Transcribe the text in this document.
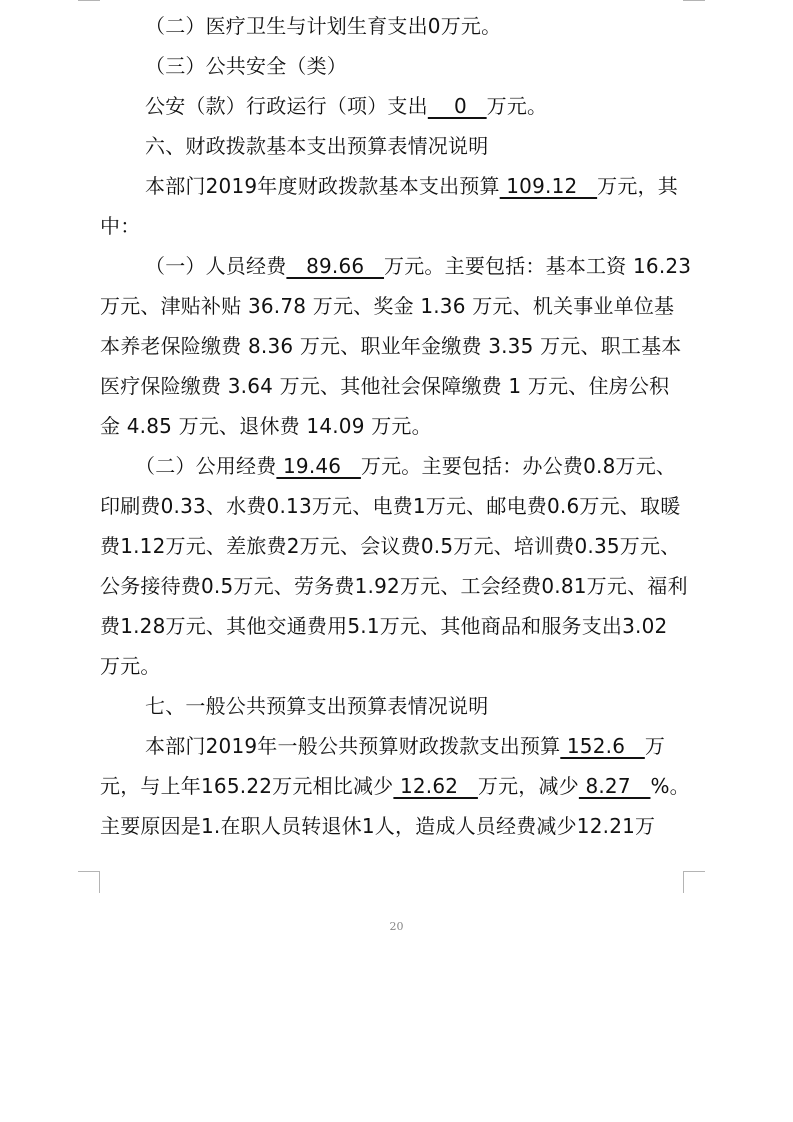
（二）医疗卫生与计划生育支出0万元。
（三）公共安全（类）
公安（款）行政运行（项）支出    0   万元。
六、财政拨款基本支出预算表情况说明
本部门2019年度财政拨款基本支出预算 109.12   万元，其
中：
（一）人员经费   89.66   万元。主要包括：基本工资 16.23
万元、津贴补贴 36.78 万元、奖金 1.36 万元、机关事业单位基
本养老保险缴费 8.36 万元、职业年金缴费 3.35 万元、职工基本
医疗保险缴费 3.64 万元、其他社会保障缴费 1 万元、住房公积
金 4.85 万元、退休费 14.09 万元。
（二）公用经费 19.46   万元。主要包括：办公费0.8万元、
印刷费0.33、水费0.13万元、电费1万元、邮电费0.6万元、取暖
费1.12万元、差旅费2万元、会议费0.5万元、培训费0.35万元、
公务接待费0.5万元、劳务费1.92万元、工会经费0.81万元、福利
费1.28万元、其他交通费用5.1万元、其他商品和服务支出3.02
万元。
七、一般公共预算支出预算表情况说明
本部门2019年一般公共预算财政拨款支出预算 152.6   万
元，与上年165.22万元相比减少 12.62   万元，减少 8.27   %。
主要原因是1.在职人员转退休1人，造成人员经费减少12.21万
20
